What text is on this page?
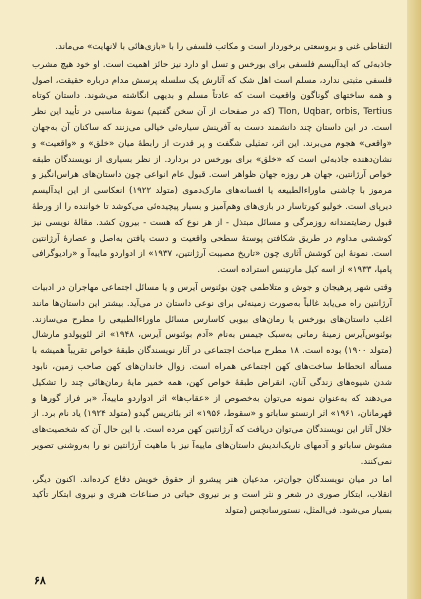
التقاطی غنی و بروسعتی برخوردار است و مکاتب فلسفی را با «بازی‌هائی با لانهایت» می‌ماند.

جاذبه‌ئی که ایدآلیسم فلسفی برای بورخس و تسل او دارد نیز حائز اهمیت است. او خود هیچ مشرب فلسفی مثبتی ندارد، مسلم است اهل شک که آثارش یک سلسله پرسش مدام درباره حقیقت، اصول و همه ساختهای گوناگون واقعیت است که عادتاً مسلم و بدیهی انگاشته می‌شوند. داستان کوتاه Tlon, Uqbar, orbis, Tertius (که در صفحات از آن سخن گفتیم) نمونهٔ مناسبی در تأیید این نظر است. در این داستان چند دانشمند دست به آفرینش سیاره‌ئی خیالی می‌زنند که ساکنان آن به‌جهان «واقعی» هجوم می‌برند. این اثر، تمثیلی شگفت و پر قدرت از رابطهٔ میان «خلق» و «واقعیت» و نشان‌دهنده جاذبه‌ئی است که «خلق» برای بورخس در بردارد. از نظر بسیاری از نویسندگان طبقه خواص آرژانتین، جهان هر روزه جهان ظواهر است. قبول عام انواعی چون داستان‌های هراس‌انگیز و مرموز با چاشنی ماوراءالطبیعه یا افسانه‌های مارک‌دموی (متولد ۱۹۲۲) انعکاسی از این ایدآلیسم دیرپای است. خولیو کورتاسار در بازی‌های وهم‌آمیز و بسیار پیچیده‌ئی می‌کوشد تا خواننده را از ورطهٔ قبول رضایتمندانه روزمرگی و مسائل مبتذل - از هر نوع که هست - بیرون کشد. مقالهٔ نویسی نیز کوششی مداوم در طریق شکافتن پوستهٔ سطحی واقعیت و دست یافتن به‌اصل و عصارهٔ آرژانتین است. نمونهٔ این کوشش آثاری چون «تاریخ مصیبت آرژانتین، ۱۹۳۷» از ادواردو ماییه‌آ و «رادیوگرافی پامپا، ۱۹۳۳» از اسه کیل مارتینس استراده است.

وقتی شهر پرهیجان و جوش و متلاطمی چون بوئنوس آیرس و یا مسائل اجتماعی مهاجران در ادبیات آرژانتین راه می‌یابد غالباً به‌صورت زمینه‌ئی برای نوعی داستان در می‌آید. بیشتر این داستان‌ها مانند اغلب داستان‌های بورخس یا رمان‌های بیوبی کاسارس مسائل ماوراءالطبیعی را مطرح می‌سازند. بوئنوس‌آیرس زمینهٔ رمانی به‌سبک جیمس به‌نام «آدم بوئنوس آیرس، ۱۹۴۸» اثر لئوپولدو مارشال (متولد ۱۹۰۰) بوده است. ۱۸ مطرح مباحث اجتماعی در آثار نویسندگان طبقهٔ خواص تقریباً همیشه با مسأله انحطاط ساخت‌های کهن اجتماعی همراه است. زوال خاندان‌های کهن صاحب زمین، نابود شدن شیوه‌های زندگی آنان، انقراض طبقهٔ خواص کهن، همه خمیر مایهٔ رمان‌هائی چند را تشکیل می‌دهند که به‌عنوان نمونه می‌توان به‌خصوص از «عقاب‌ها» اثر ادواردو ماییه‌آ، «بر فراز گورها و قهرمانان، ۱۹۶۱» اثر ارنستو ساباتو و «سقوط، ۱۹۵۶» اثر بئاتریس گیدو (متولد ۱۹۲۴) یاد نام برد. از خلال آثار این نویسندگان می‌توان دریافت که آرژانتین کهن مرده است. با این حال آن که شخصیت‌های مشوش ساباتو و آدمهای تاریک‌اندیش داستان‌های ماییه‌آ نیز با ماهیت آرژانتین نو را به‌روشنی تصویر نمی‌کنند.

اما در میان نویسندگان جوان‌تر، مدعیان هنر پیشرو از حقوق خویش دفاع کرده‌اند. اکنون دیگر، انقلاب، ابتکار صوری در شعر و نثر است و بر نیروی حیاتی در صناعات هنری و نیروی ابتکار تأکید بسیار می‌شود. فی‌المثل، نستورسانچس (متولد

۶۸
